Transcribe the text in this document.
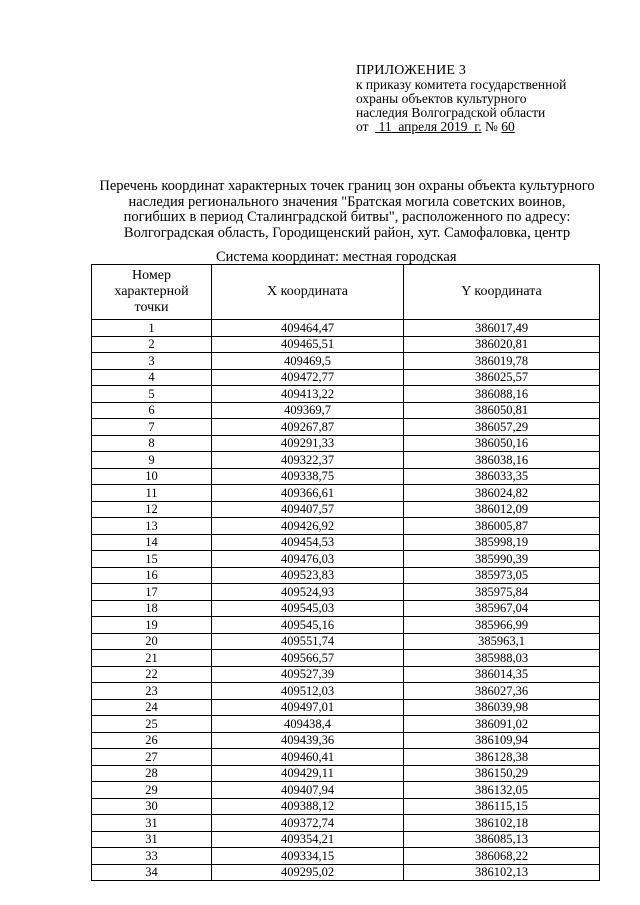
ПРИЛОЖЕНИЕ 3
к приказу комитета государственной
охраны объектов культурного
наследия Волгоградской области
от 11 апреля 2019 г. № 60
Перечень координат характерных точек границ зон охраны объекта культурного
наследия регионального значения "Братская могила советских воинов,
погибших в период Сталинградской битвы", расположенного по адресу:
Волгоградская область, Городищенский район, хут. Самофаловка, центр
Система координат: местная городская
Номер
характерной
точки	X координата	Y координата
1	409464,47	386017,49
2	409465,51	386020,81
3	409469,5	386019,78
4	409472,77	386025,57
5	409413,22	386088,16
6	409369,7	386050,81
7	409267,87	386057,29
8	409291,33	386050,16
9	409322,37	386038,16
10	409338,75	386033,35
11	409366,61	386024,82
12	409407,57	386012,09
13	409426,92	386005,87
14	409454,53	385998,19
15	409476,03	385990,39
16	409523,83	385973,05
17	409524,93	385975,84
18	409545,03	385967,04
19	409545,16	385966,99
20	409551,74	385963,1
21	409566,57	385988,03
22	409527,39	386014,35
23	409512,03	386027,36
24	409497,01	386039,98
25	409438,4	386091,02
26	409439,36	386109,94
27	409460,41	386128,38
28	409429,11	386150,29
29	409407,94	386132,05
30	409388,12	386115,15
31	409372,74	386102,18
31	409354,21	386085,13
33	409334,15	386068,22
34	409295,02	386102,13
